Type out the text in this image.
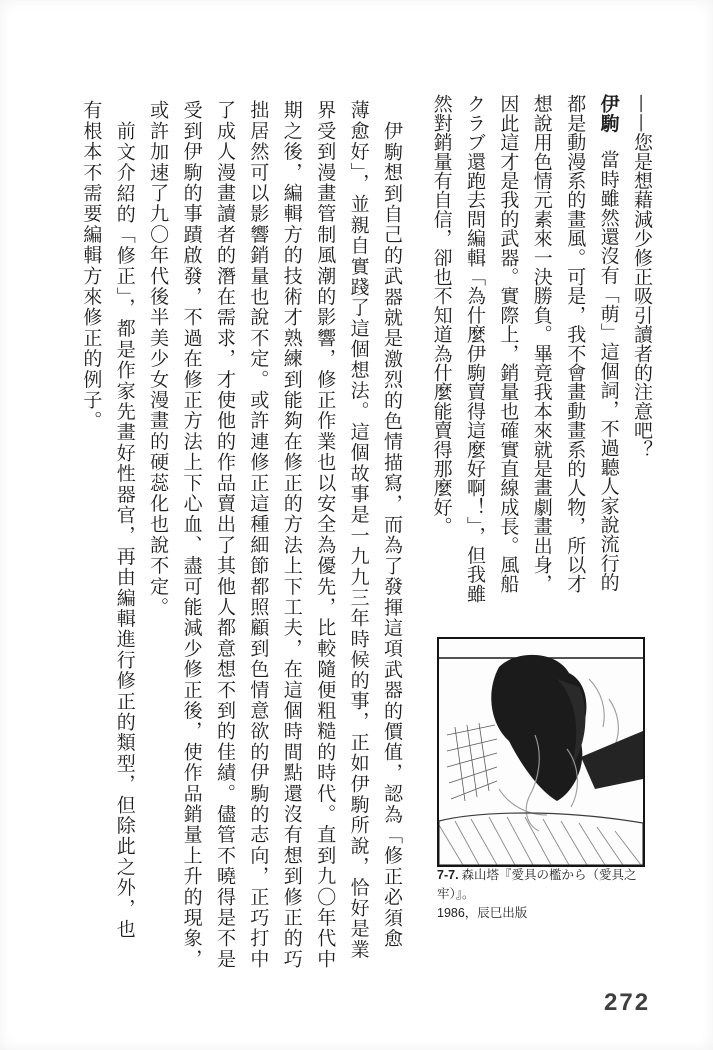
——您是想藉減少修正吸引讀者的注意吧？
伊駒當時雖然還沒有「萌」這個詞，不過聽人家說流行的
都是動漫系的畫風。可是，我不會畫動畫系的人物，所以才
想說用色情元素來一決勝負。畢竟我本來就是畫劇畫出身，
因此這才是我的武器。實際上，銷量也確實直線成長。風船
クラブ還跑去問編輯「為什麼伊駒賣得這麼好啊！」，但我雖
然對銷量有自信，卻也不知道為什麼能賣得那麼好。
伊駒想到自己的武器就是激烈的色情描寫，而為了發揮這項武器的價值，認為「修正必須愈
薄愈好」，並親自實踐了這個想法。這個故事是一九九三年時候的事，正如伊駒所說，恰好是業
界受到漫畫管制風潮的影響，修正作業也以安全為優先，比較隨便粗糙的時代。直到九〇年代中
期之後，編輯方的技術才熟練到能夠在修正的方法上下工夫，在這個時間點還沒有想到修正的巧
拙居然可以影響銷量也說不定。或許連修正這種細節都照顧到色情意欲的伊駒的志向，正巧打中
了成人漫畫讀者的潛在需求，才使他的作品賣出了其他人都意想不到的佳績。儘管不曉得是不是
受到伊駒的事蹟啟發，不過在修正方法上下心血、盡可能減少修正後，使作品銷量上升的現象，
或許加速了九〇年代後半美少女漫畫的硬蕊化也說不定。
前文介紹的「修正」，都是作家先畫好性器官，再由編輯進行修正的類型，但除此之外，也
有根本不需要編輯方來修正的例子。
7-7. 森山塔『愛具の檻から（愛具之牢）』。
1986，辰巳出版
272
